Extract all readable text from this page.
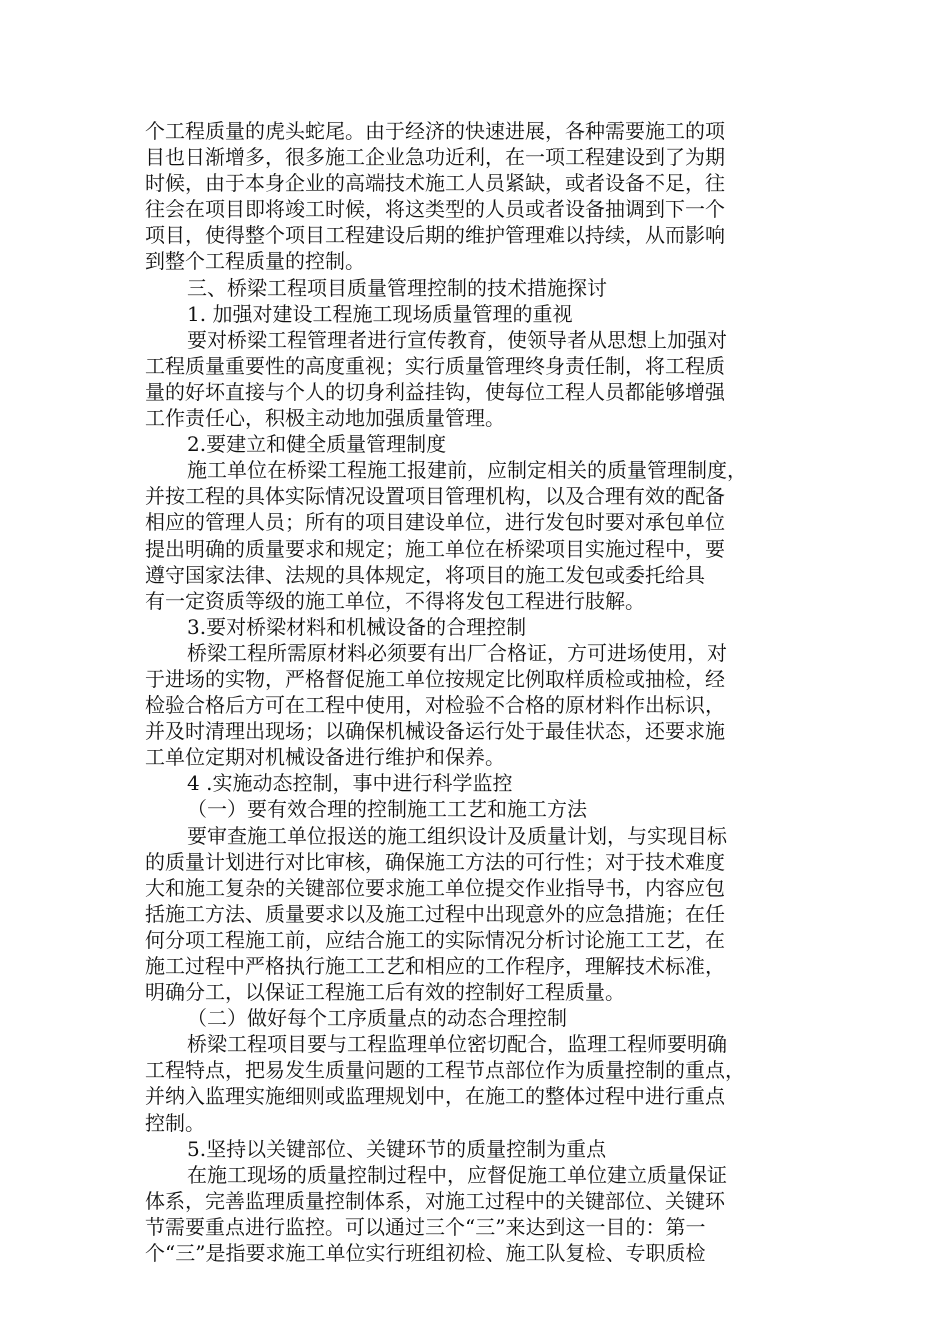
个工程质量的虎头蛇尾。由于经济的快速进展，各种需要施工的项
目也日渐增多，很多施工企业急功近利，在一项工程建设到了为期
时候，由于本身企业的高端技术施工人员紧缺，或者设备不足，往
往会在项目即将竣工时候，将这类型的人员或者设备抽调到下一个
项目，使得整个项目工程建设后期的维护管理难以持续，从而影响
到整个工程质量的控制。
三、桥梁工程项目质量管理控制的技术措施探讨
1. 加强对建设工程施工现场质量管理的重视
要对桥梁工程管理者进行宣传教育，使领导者从思想上加强对
工程质量重要性的高度重视；实行质量管理终身责任制，将工程质
量的好坏直接与个人的切身利益挂钩，使每位工程人员都能够增强
工作责任心，积极主动地加强质量管理。
2.要建立和健全质量管理制度
施工单位在桥梁工程施工报建前，应制定相关的质量管理制度，
并按工程的具体实际情况设置项目管理机构，以及合理有效的配备
相应的管理人员；所有的项目建设单位，进行发包时要对承包单位
提出明确的质量要求和规定；施工单位在桥梁项目实施过程中，要
遵守国家法律、法规的具体规定，将项目的施工发包或委托给具
有一定资质等级的施工单位，不得将发包工程进行肢解。
3.要对桥梁材料和机械设备的合理控制
桥梁工程所需原材料必须要有出厂合格证，方可进场使用，对
于进场的实物，严格督促施工单位按规定比例取样质检或抽检，经
检验合格后方可在工程中使用，对检验不合格的原材料作出标识，
并及时清理出现场；以确保机械设备运行处于最佳状态，还要求施
工单位定期对机械设备进行维护和保养。
4 .实施动态控制，事中进行科学监控
（一）要有效合理的控制施工工艺和施工方法
要审查施工单位报送的施工组织设计及质量计划，与实现目标
的质量计划进行对比审核，确保施工方法的可行性；对于技术难度
大和施工复杂的关键部位要求施工单位提交作业指导书，内容应包
括施工方法、质量要求以及施工过程中出现意外的应急措施；在任
何分项工程施工前，应结合施工的实际情况分析讨论施工工艺，在
施工过程中严格执行施工工艺和相应的工作程序，理解技术标准，
明确分工，以保证工程施工后有效的控制好工程质量。
（二）做好每个工序质量点的动态合理控制
桥梁工程项目要与工程监理单位密切配合，监理工程师要明确
工程特点，把易发生质量问题的工程节点部位作为质量控制的重点，
并纳入监理实施细则或监理规划中，在施工的整体过程中进行重点
控制。
5.坚持以关键部位、关键环节的质量控制为重点
在施工现场的质量控制过程中，应督促施工单位建立质量保证
体系，完善监理质量控制体系，对施工过程中的关键部位、关键环
节需要重点进行监控。可以通过三个“三”来达到这一目的：第一
个“三”是指要求施工单位实行班组初检、施工队复检、专职质检
